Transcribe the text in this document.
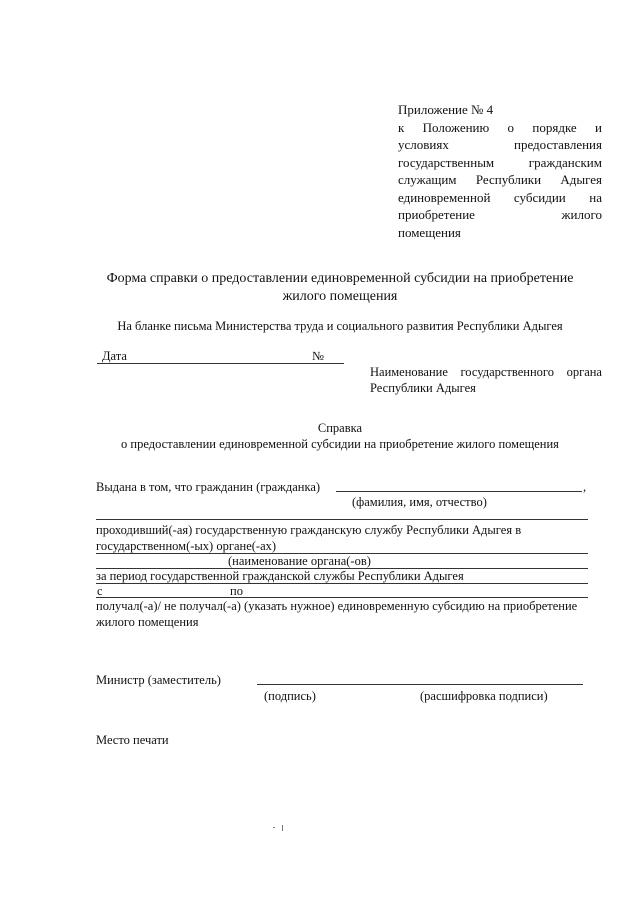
Приложение № 4
к Положению о порядке и
условиях предоставления
государственным гражданским
служащим Республики Адыгея
единовременной субсидии на
приобретение жилого
помещения
Форма справки о предоставлении единовременной субсидии на приобретение
жилого помещения
На бланке письма Министерства труда и социального развития Республики Адыгея
Дата	№
Наименование государственного органа
Республики Адыгея
Справка
о предоставлении единовременной субсидии на приобретение жилого помещения
Выдана в том, что гражданин (гражданка)	,
(фамилия, имя, отчество)
проходивший(-ая) государственную гражданскую службу Республики Адыгея в
государственном(-ых) органе(-ах)
(наименование органа(-ов)
за период государственной гражданской службы Республики Адыгея
с	по
получал(-а)/ не получал(-а) (указать нужное) единовременную субсидию на приобретение
жилого помещения
Министр (заместитель)
(подпись)	(расшифровка подписи)
Место печати
